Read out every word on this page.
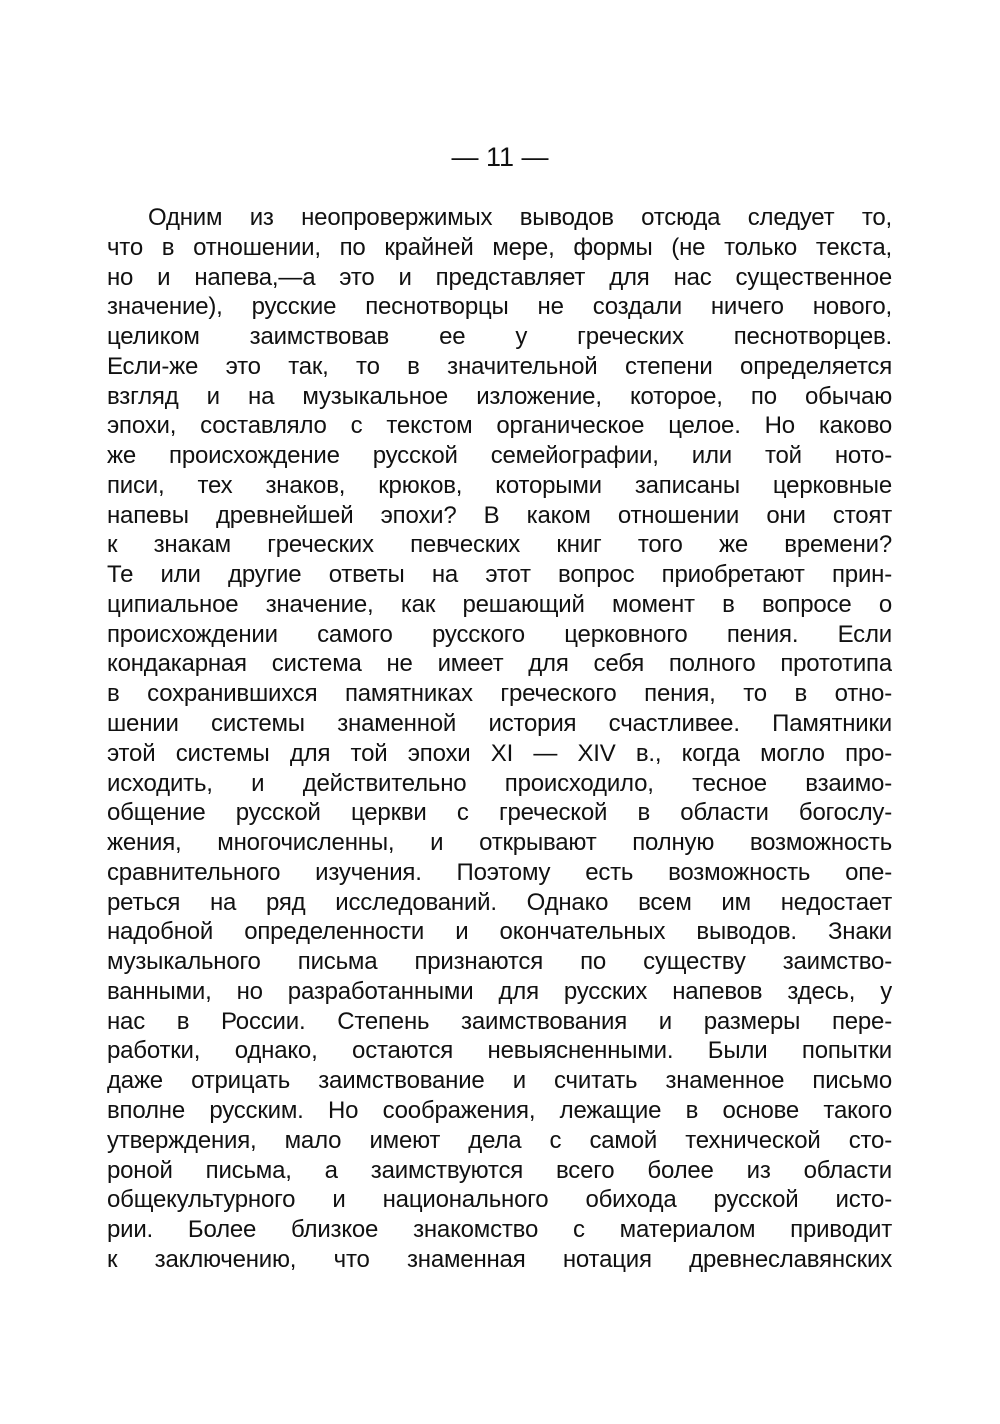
— 11 —
Одним из неопровержимых выводов отсюда следует то,
что в отношении, по крайней мере, формы (не только текста,
но и напева,—а это и представляет для нас существенное
значение), русские песнотворцы не создали ничего нового,
целиком заимствовав ее у греческих песнотворцев.
Если-же это так, то в значительной степени определяется
взгляд и на музыкальное изложение, которое, по обычаю
эпохи, составляло с текстом органическое целое. Но каково
же происхождение русской семейографии, или той ното-
писи, тех знаков, крюков, которыми записаны церковные
напевы древнейшей эпохи? В каком отношении они стоят
к знакам греческих певческих книг того же времени?
Те или другие ответы на этот вопрос приобретают прин-
ципиальное значение, как решающий момент в вопросе о
происхождении самого русского церковного пения. Если
кондакарная система не имеет для себя полного прототипа
в сохранившихся памятниках греческого пения, то в отно-
шении системы знаменной история счастливее. Памятники
этой системы для той эпохи XI — XIV в., когда могло про-
исходить, и действительно происходило, тесное взаимо-
общение русской церкви с греческой в области богослу-
жения, многочисленны, и открывают полную возможность
сравнительного изучения. Поэтому есть возможность опе-
реться на ряд исследований. Однако всем им недостает
надобной определенности и окончательных выводов. Знаки
музыкального письма признаются по существу заимство-
ванными, но разработанными для русских напевов здесь, у
нас в России. Степень заимствования и размеры пере-
работки, однако, остаются невыясненными. Были попытки
даже отрицать заимствование и считать знаменное письмо
вполне русским. Но соображения, лежащие в основе такого
утверждения, мало имеют дела с самой технической сто-
роной письма, а заимствуются всего более из области
общекультурного и национального обихода русской исто-
рии. Более близкое знакомство с материалом приводит
к заключению, что знаменная нотация древнеславянских
